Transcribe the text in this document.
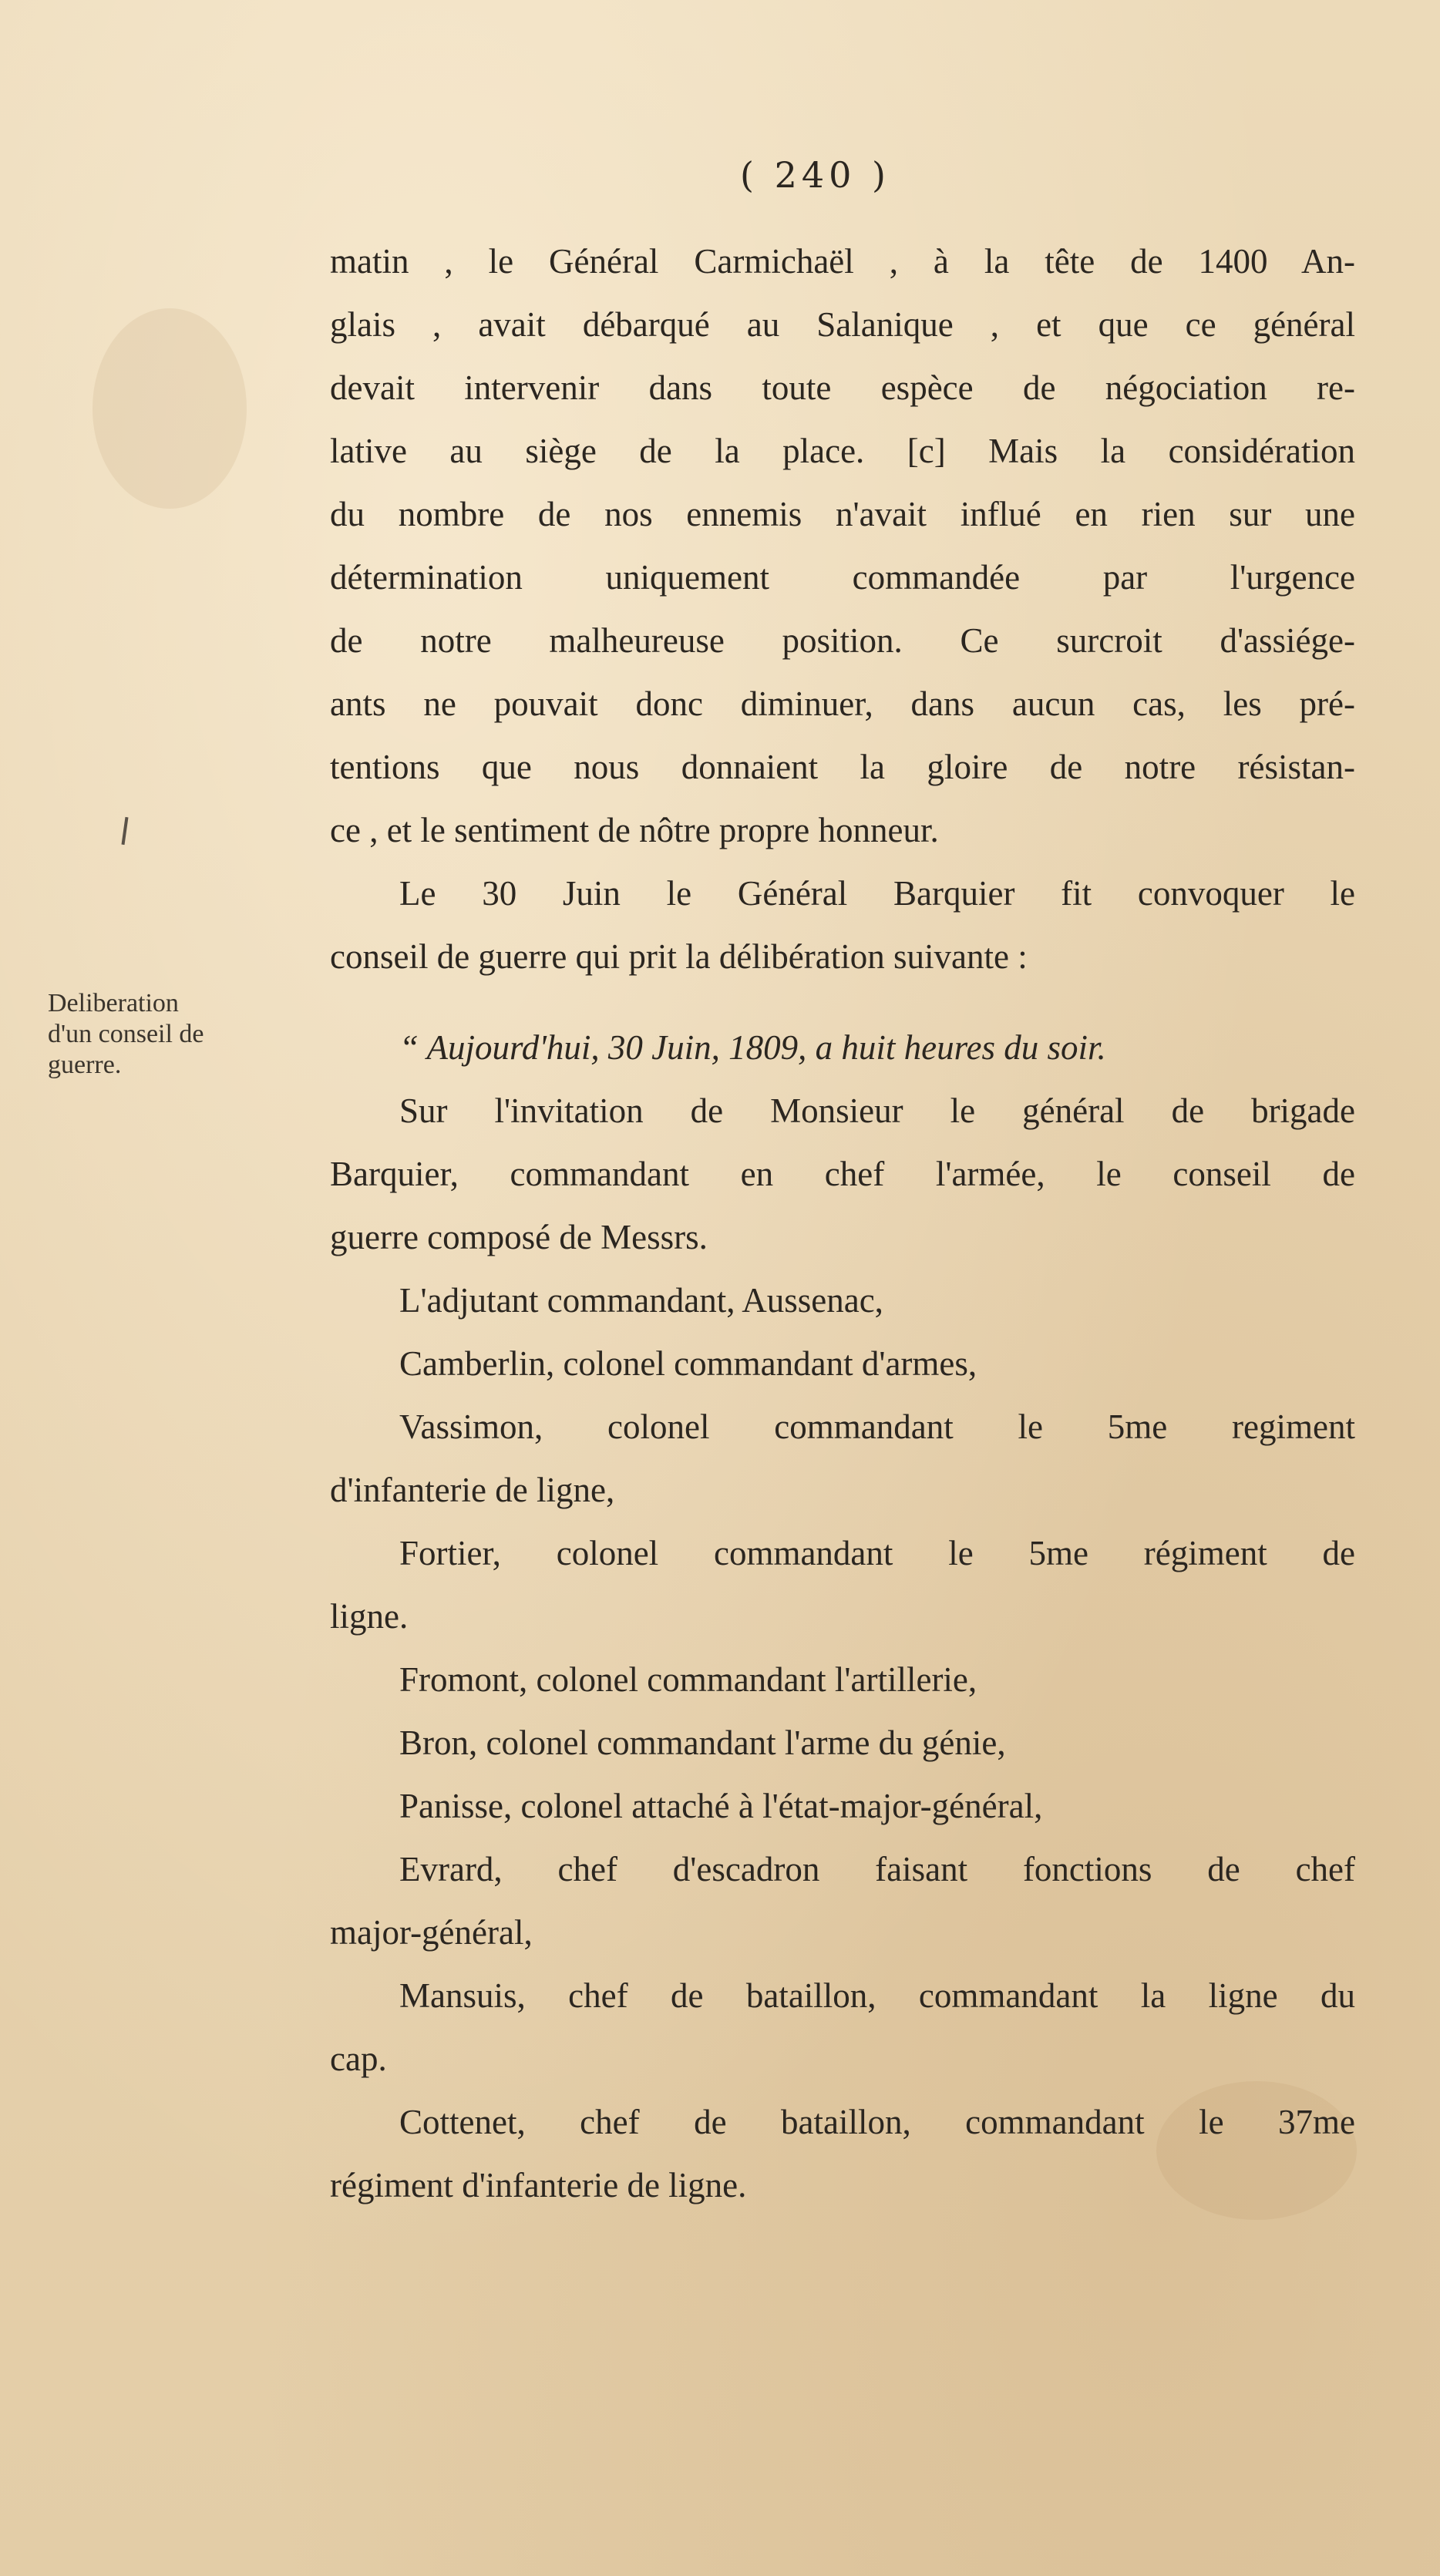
( 240 )
Deliberation
d'un conseil de
guerre.
matin , le Général Carmichaël , à la tête de 1400 An-
glais , avait débarqué au Salanique , et que ce général
devait intervenir dans toute espèce de négociation re-
lative au siège de la place. [c] Mais la considération
du nombre de nos ennemis n'avait influé en rien sur une
détermination uniquement commandée par l'urgence
de notre malheureuse position. Ce surcroit d'assiége-
ants ne pouvait donc diminuer, dans aucun cas, les pré-
tentions que nous donnaient la gloire de notre résistan-
ce , et le sentiment de nôtre propre honneur.
Le 30 Juin le Général Barquier fit convoquer le
conseil de guerre qui prit la délibération suivante :
“ Aujourd'hui, 30 Juin, 1809, a huit heures du soir.
Sur l'invitation de Monsieur le général de brigade
Barquier, commandant en chef l'armée, le conseil de
guerre composé de Messrs.
L'adjutant commandant, Aussenac,
Camberlin, colonel commandant d'armes,
Vassimon, colonel commandant le 5me regiment
d'infanterie de ligne,
Fortier, colonel commandant le 5me régiment de
ligne.
Fromont, colonel commandant l'artillerie,
Bron, colonel commandant l'arme du génie,
Panisse, colonel attaché à l'état-major-général,
Evrard, chef d'escadron faisant fonctions de chef
major-général,
Mansuis, chef de bataillon, commandant la ligne du
cap.
Cottenet, chef de bataillon, commandant le 37me
régiment d'infanterie de ligne.
